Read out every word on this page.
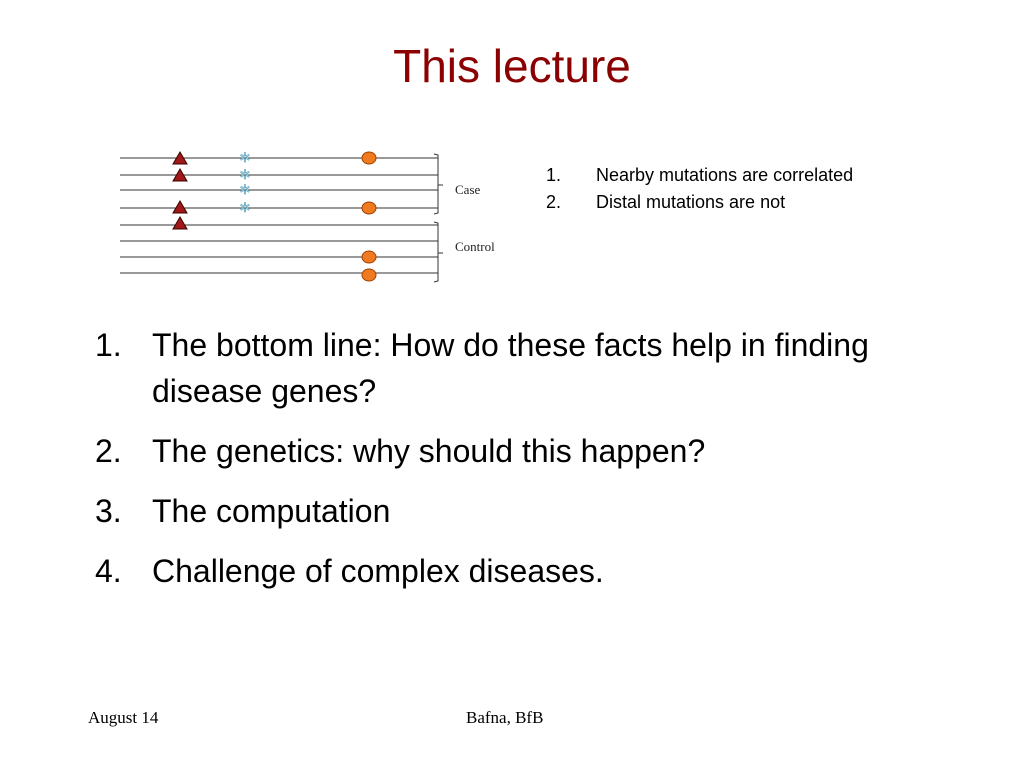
This lecture
✲
✲
✲
✲
Case
Control
1.	Nearby mutations are correlated
2.	Distal mutations are not
1. The bottom line: How do these facts help in finding disease genes?
2. The genetics: why should this happen?
3. The computation
4. Challenge of complex diseases.
August 14	Bafna, BfB
